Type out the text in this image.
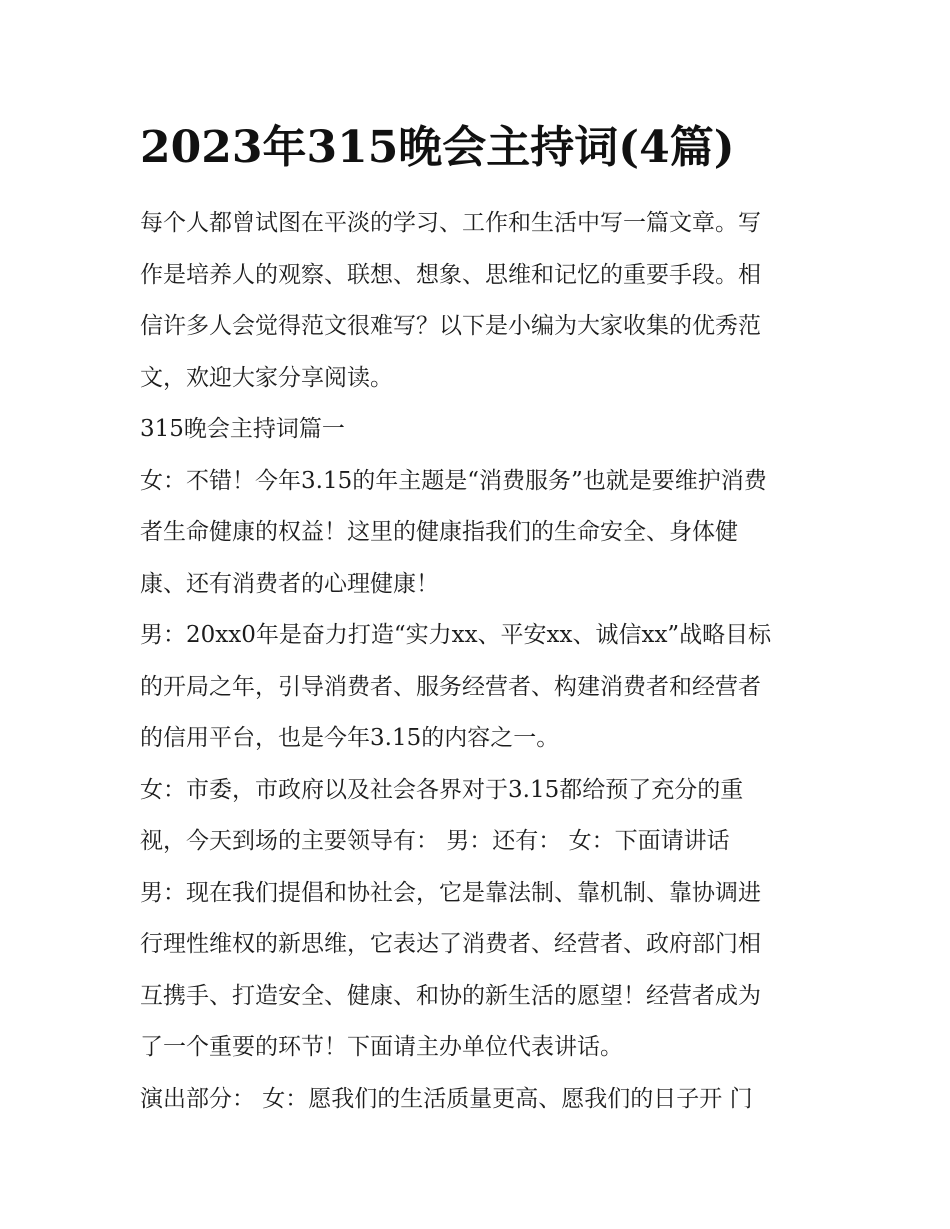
2023年315晚会主持词(4篇)
每个人都曾试图在平淡的学习、工作和生活中写一篇文章。写
作是培养人的观察、联想、想象、思维和记忆的重要手段。相
信许多人会觉得范文很难写？以下是小编为大家收集的优秀范
文，欢迎大家分享阅读。
315晚会主持词篇一
女：不错！今年3.15的年主题是“消费服务”也就是要维护消费
者生命健康的权益！这里的健康指我们的生命安全、身体健
康、还有消费者的心理健康！
男：20xx0年是奋力打造“实力xx、平安xx、诚信xx”战略目标
的开局之年，引导消费者、服务经营者、构建消费者和经营者
的信用平台，也是今年3.15的内容之一。
女：市委，市政府以及社会各界对于3.15都给预了充分的重
视，今天到场的主要领导有： 男：还有： 女：下面请讲话
男：现在我们提倡和协社会，它是靠法制、靠机制、靠协调进
行理性维权的新思维，它表达了消费者、经营者、政府部门相
互携手、打造安全、健康、和协的新生活的愿望！经营者成为
了一个重要的环节！下面请主办单位代表讲话。
演出部分： 女：愿我们的生活质量更高、愿我们的日子开 门
